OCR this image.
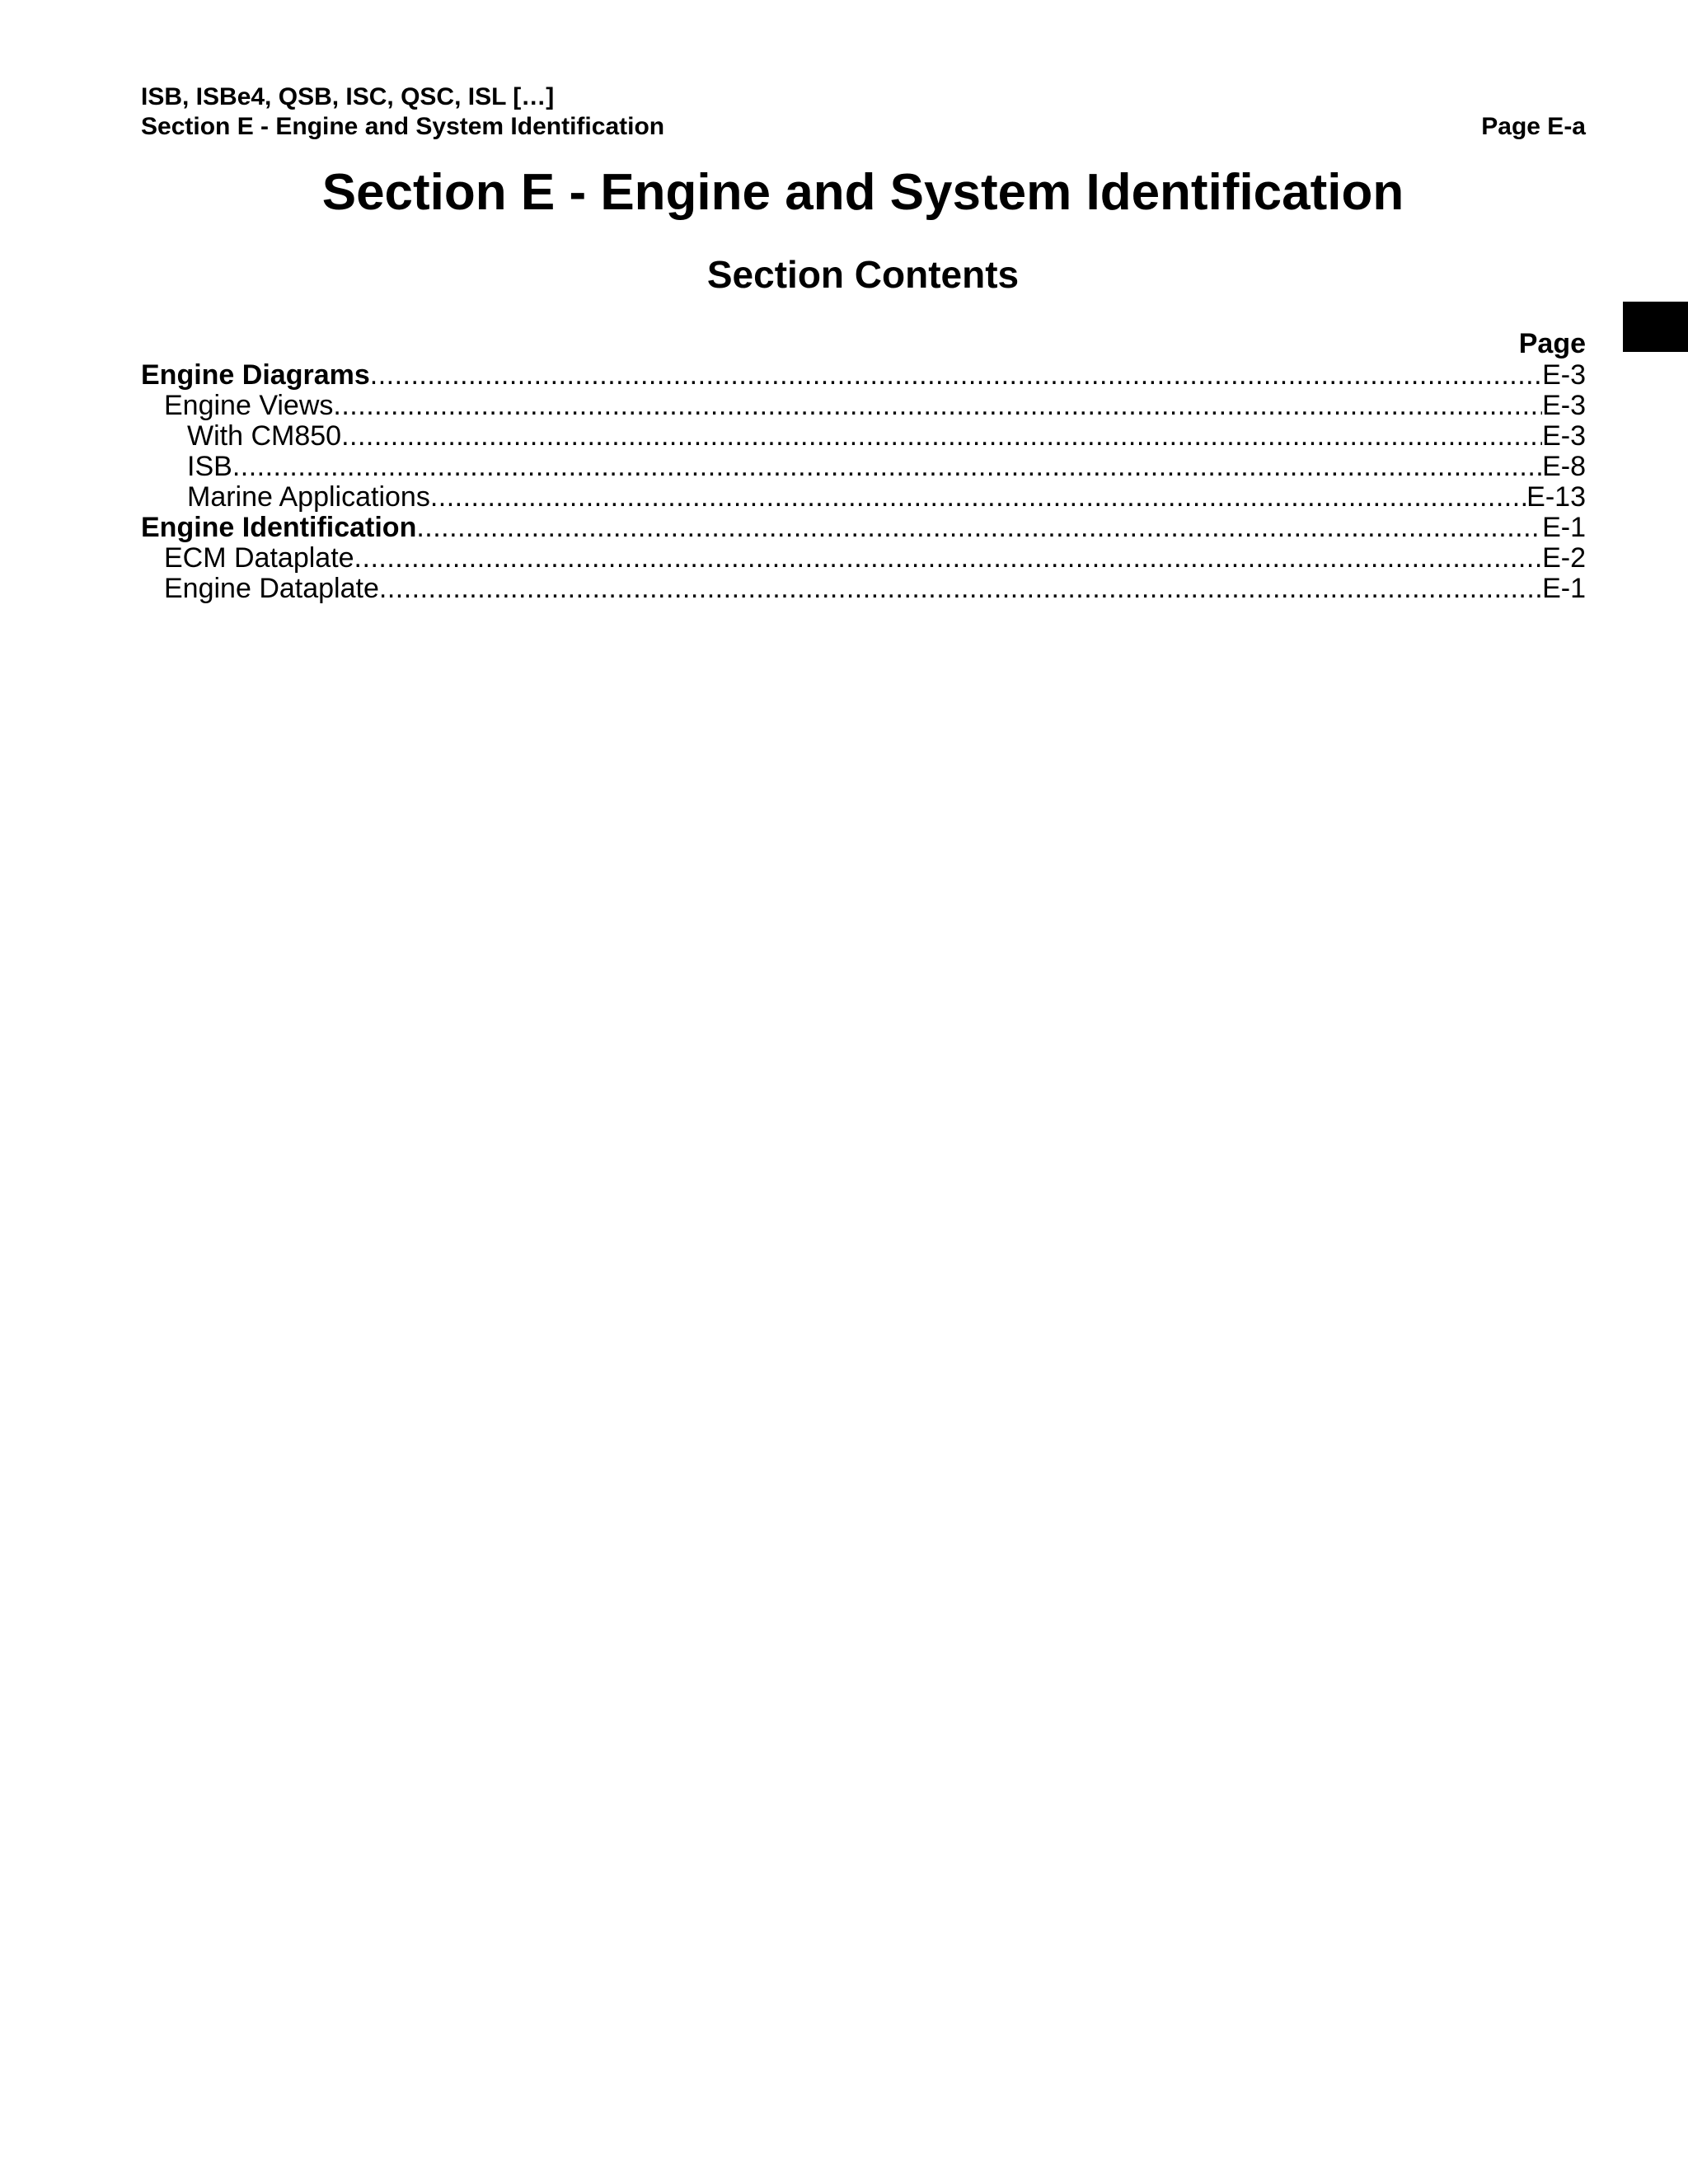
ISB, ISBe4, QSB, ISC, QSC, ISL […]
Section E - Engine and System Identification	Page E-a
Section E - Engine and System Identification
Section Contents
Page
Engine Diagrams .....	E-3
Engine Views .....	E-3
With CM850 .....	E-3
ISB .....	E-8
Marine Applications .....	E-13
Engine Identification .....	E-1
ECM Dataplate .....	E-2
Engine Dataplate .....	E-1
